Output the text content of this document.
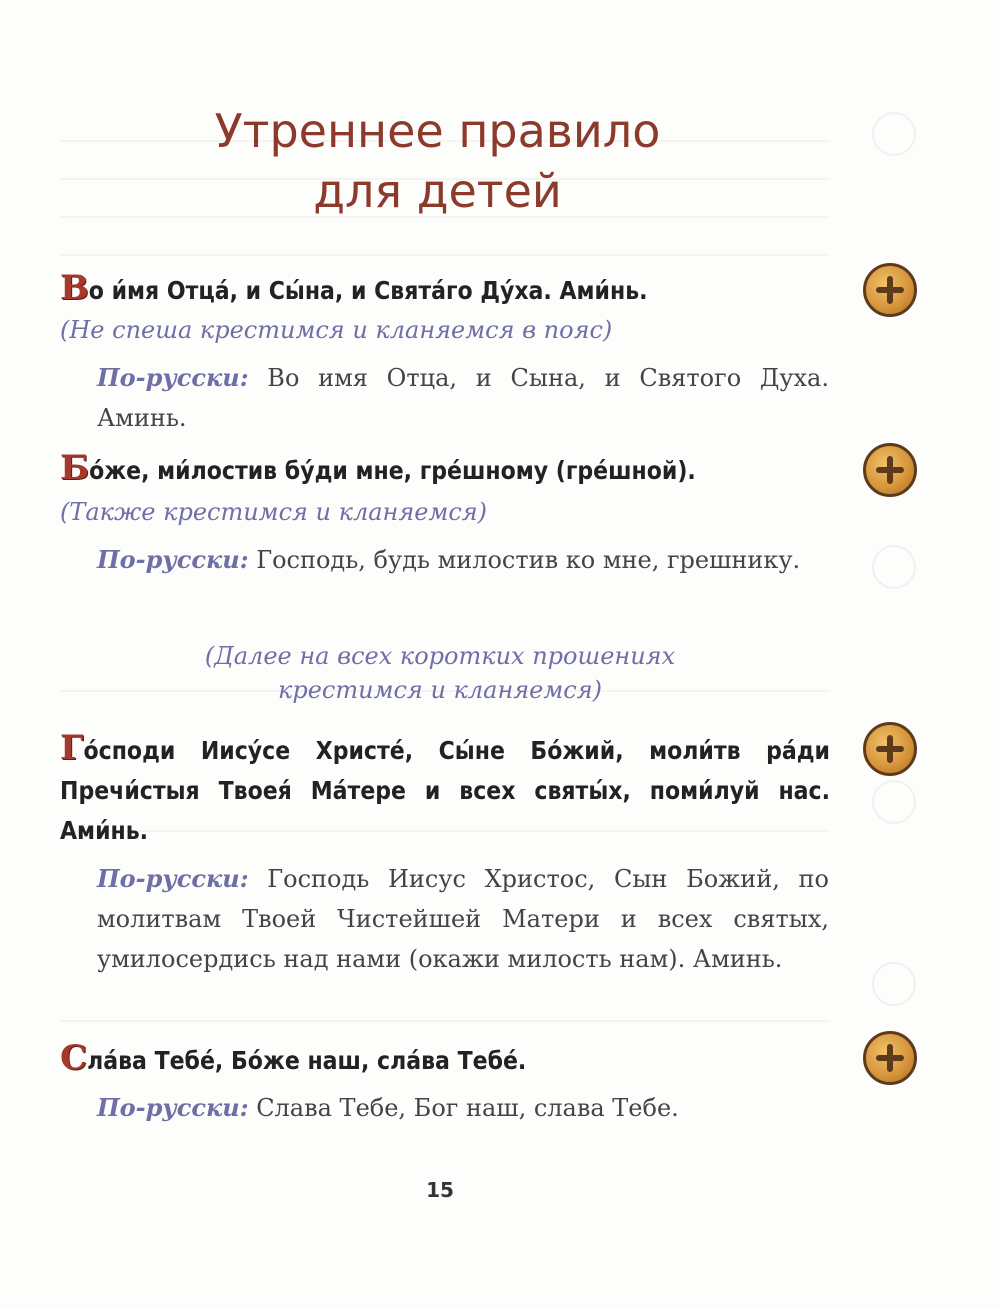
Утреннее правило
для детей

Во и́мя Отца́, и Сы́на, и Свята́го Ду́ха. Ами́нь.

(Не спеша крестимся и кланяемся в пояс)

По-русски: Во имя Отца, и Сына, и Святого Духа. Аминь.

Бо́же, ми́лостив бу́ди мне, гре́шному (гре́шной).

(Также крестимся и кланяемся)

По-русски: Господь, будь милостив ко мне, грешнику.

(Далее на всех коротких прошениях

крестимся и кланяемся)

Го́споди Иису́се Христе́, Сы́не Бо́жий, моли́тв ра́ди Пречи́стыя Твоея́ Ма́тере и всех святы́х, поми́луй нас. Ами́нь.

По-русски: Господь Иисус Христос, Сын Божий, по молитвам Твоей Чистейшей Матери и всех святых, умилосердись над нами (окажи милость нам). Аминь.

Сла́ва Тебе́, Бо́же наш, сла́ва Тебе́.

По-русски: Слава Тебе, Бог наш, слава Тебе.

15
